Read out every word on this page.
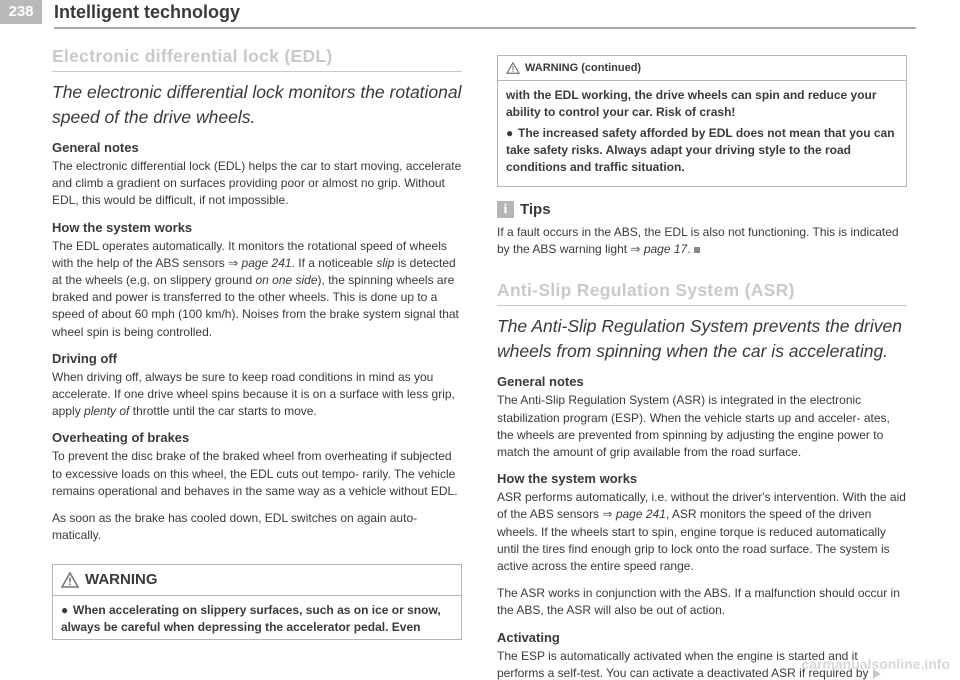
238	Intelligent technology
Electronic differential lock (EDL)
The electronic differential lock monitors the rotational speed of the drive wheels.
General notes
The electronic differential lock (EDL) helps the car to start moving, accelerate and climb a gradient on surfaces providing poor or almost no grip. Without EDL, this would be difficult, if not impossible.
How the system works
The EDL operates automatically. It monitors the rotational speed of wheels with the help of the ABS sensors ⇒ page 241. If a noticeable slip is detected at the wheels (e.g. on slippery ground on one side), the spinning wheels are braked and power is transferred to the other wheels. This is done up to a speed of about 60 mph (100 km/h). Noises from the brake system signal that wheel spin is being controlled.
Driving off
When driving off, always be sure to keep road conditions in mind as you accelerate. If one drive wheel spins because it is on a surface with less grip, apply plenty of throttle until the car starts to move.
Overheating of brakes
To prevent the disc brake of the braked wheel from overheating if subjected to excessive loads on this wheel, the EDL cuts out tempo- rarily. The vehicle remains operational and behaves in the same way as a vehicle without EDL.
As soon as the brake has cooled down, EDL switches on again auto- matically.
WARNING
● When accelerating on slippery surfaces, such as on ice or snow, always be careful when depressing the accelerator pedal. Even
WARNING (continued)
with the EDL working, the drive wheels can spin and reduce your ability to control your car. Risk of crash!
● The increased safety afforded by EDL does not mean that you can take safety risks. Always adapt your driving style to the road conditions and traffic situation.
i Tips
If a fault occurs in the ABS, the EDL is also not functioning. This is indicated by the ABS warning light ⇒ page 17.
Anti-Slip Regulation System (ASR)
The Anti-Slip Regulation System prevents the driven wheels from spinning when the car is accelerating.
General notes
The Anti-Slip Regulation System (ASR) is integrated in the electronic stabilization program (ESP). When the vehicle starts up and acceler- ates, the wheels are prevented from spinning by adjusting the engine power to match the amount of grip available from the road surface.
How the system works
ASR performs automatically, i.e. without the driver's intervention. With the aid of the ABS sensors ⇒ page 241, ASR monitors the speed of the driven wheels. If the wheels start to spin, engine torque is reduced automatically until the tires find enough grip to lock onto the road surface. The system is active across the entire speed range.
The ASR works in conjunction with the ABS. If a malfunction should occur in the ABS, the ASR will also be out of action.
Activating
The ESP is automatically activated when the engine is started and it performs a self-test. You can activate a deactivated ASR if required by
carmanualsonline.info
